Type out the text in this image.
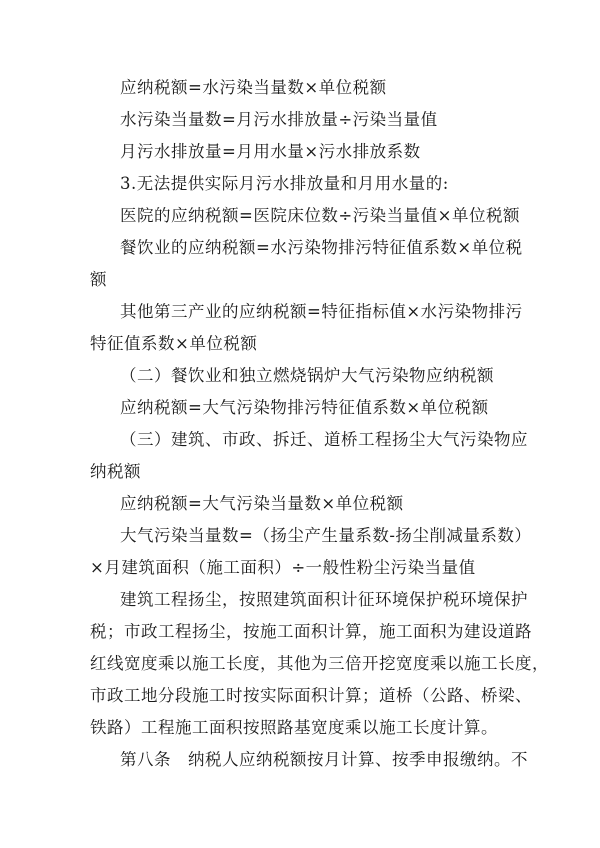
应纳税额=水污染当量数×单位税额
水污染当量数=月污水排放量÷污染当量值
月污水排放量=月用水量×污水排放系数
3.无法提供实际月污水排放量和月用水量的:
医院的应纳税额=医院床位数÷污染当量值×单位税额
餐饮业的应纳税额=水污染物排污特征值系数×单位税
额
其他第三产业的应纳税额=特征指标值×水污染物排污
特征值系数×单位税额
（二）餐饮业和独立燃烧锅炉大气污染物应纳税额
应纳税额=大气污染物排污特征值系数×单位税额
（三）建筑、市政、拆迁、道桥工程扬尘大气污染物应
纳税额
应纳税额=大气污染当量数×单位税额
大气污染当量数=（扬尘产生量系数-扬尘削减量系数）
×月建筑面积（施工面积）÷一般性粉尘污染当量值
建筑工程扬尘，按照建筑面积计征环境保护税环境保护
税；市政工程扬尘，按施工面积计算，施工面积为建设道路
红线宽度乘以施工长度，其他为三倍开挖宽度乘以施工长度，
市政工地分段施工时按实际面积计算；道桥（公路、桥梁、
铁路）工程施工面积按照路基宽度乘以施工长度计算。
第八条　纳税人应纳税额按月计算、按季申报缴纳。不
